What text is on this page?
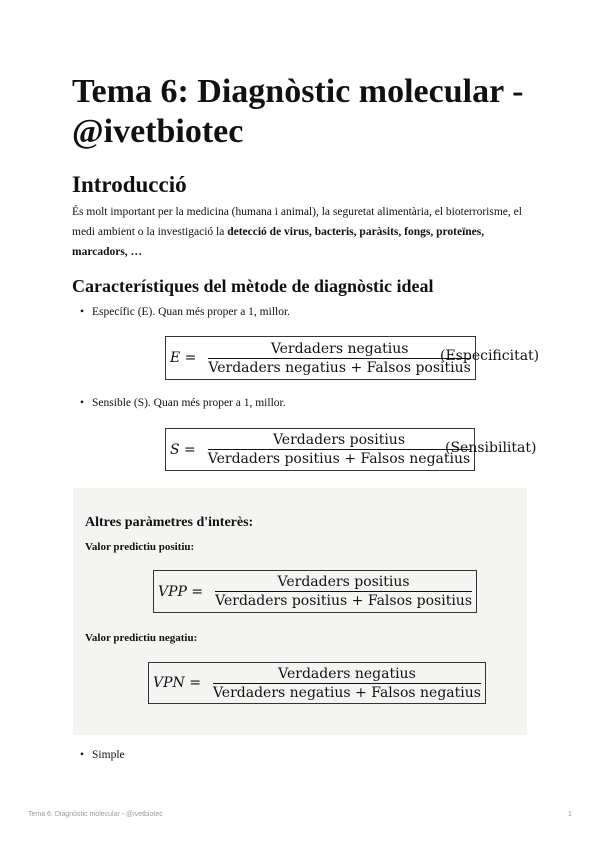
Tema 6: Diagnòstic molecular - @ivetbiotec
Introducció

És molt important per la medicina (humana i animal), la seguretat alimentària, el bioterrorisme, el medi ambient o la investigació la detecció de virus, bacteris, paràsits, fongs, proteïnes, marcadors, …

Característiques del mètode de diagnòstic ideal
• Específic (E). Quan més proper a 1, millor.
$E = \frac{\text{Verdaders negatius}}{\text{Verdaders negatius + Falsos positius}}$
(Especificitat)
• Sensible (S). Quan més proper a 1, millor.
$S = \frac{\text{Verdaders positius}}{\text{Verdaders positius + Falsos negatius}}$
(Sensibilitat)
Altres paràmetres d'interès:
Valor predictiu positiu:
VPP = $\frac{\text{Verdaders positius}}{\text{Verdaders positius + Falsos positius}}$
Valor predictiu negatiu:
VPN = $\frac{\text{Verdaders negatius}}{\text{Verdaders negatius + Falsos negatius}}$
• Simple
Tema 6: Diagnòstic molecular - @ivetbiotec	1
